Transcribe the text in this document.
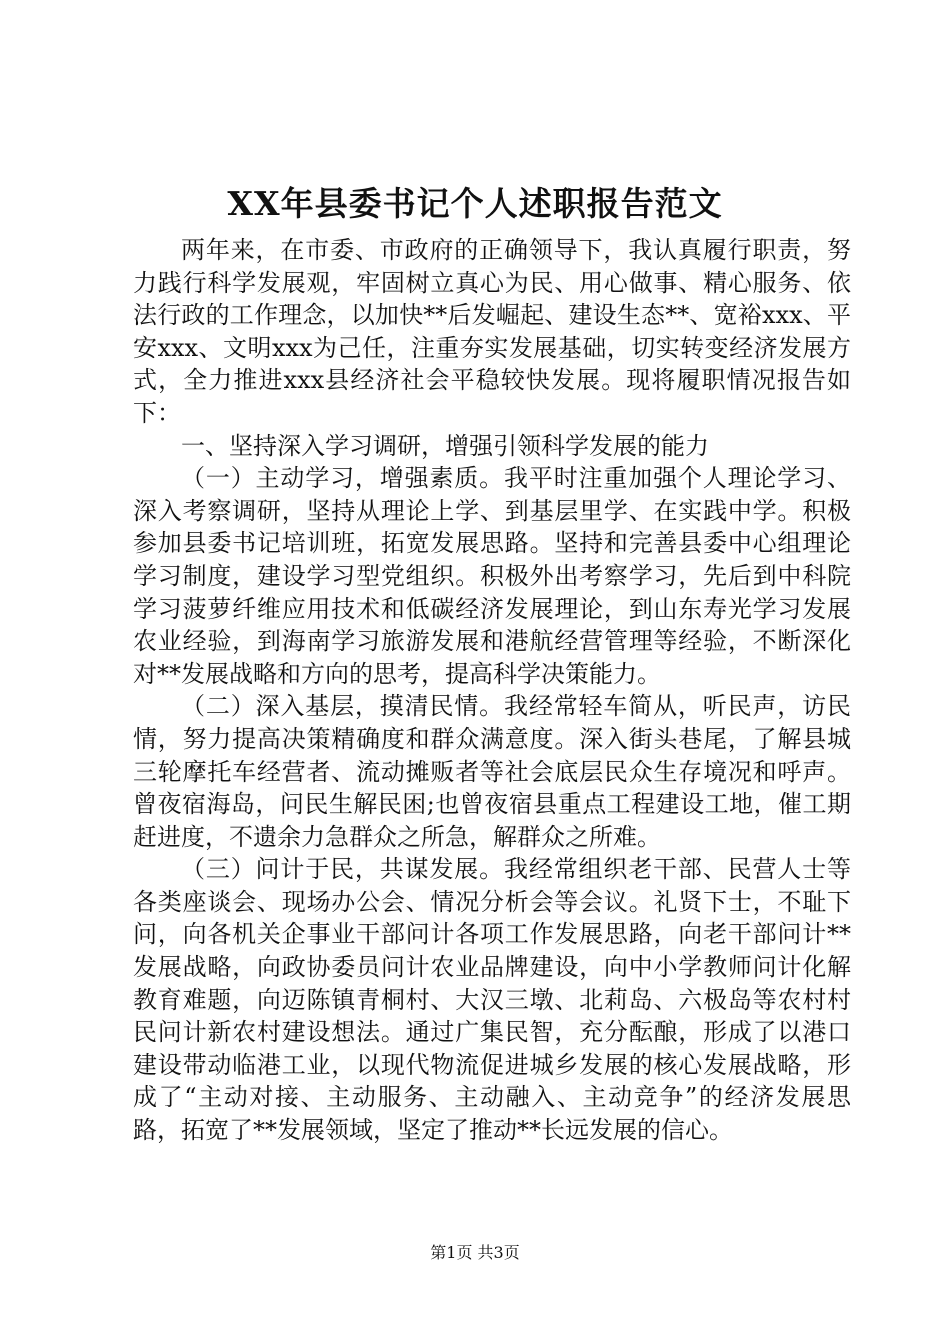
XX年县委书记个人述职报告范文

两年来，在市委、市政府的正确领导下，我认真履行职责，努力践行科学发展观，牢固树立真心为民、用心做事、精心服务、依法行政的工作理念，以加快**后发崛起、建设生态**、宽裕xxx、平安xxx、文明xxx为己任，注重夯实发展基础，切实转变经济发展方式，全力推进xxx县经济社会平稳较快发展。现将履职情况报告如下：

一、坚持深入学习调研，增强引领科学发展的能力

（一）主动学习，增强素质。我平时注重加强个人理论学习、深入考察调研，坚持从理论上学、到基层里学、在实践中学。积极参加县委书记培训班，拓宽发展思路。坚持和完善县委中心组理论学习制度，建设学习型党组织。积极外出考察学习，先后到中科院学习菠萝纤维应用技术和低碳经济发展理论，到山东寿光学习发展农业经验，到海南学习旅游发展和港航经营管理等经验，不断深化对**发展战略和方向的思考，提高科学决策能力。

（二）深入基层，摸清民情。我经常轻车简从，听民声，访民情，努力提高决策精确度和群众满意度。深入街头巷尾，了解县城三轮摩托车经营者、流动摊贩者等社会底层民众生存境况和呼声。曾夜宿海岛，问民生解民困;也曾夜宿县重点工程建设工地，催工期赶进度，不遗余力急群众之所急，解群众之所难。

（三）问计于民，共谋发展。我经常组织老干部、民营人士等各类座谈会、现场办公会、情况分析会等会议。礼贤下士，不耻下问，向各机关企事业干部问计各项工作发展思路，向老干部问计**发展战略，向政协委员问计农业品牌建设，向中小学教师问计化解教育难题，向迈陈镇青桐村、大汉三墩、北莉岛、六极岛等农村村民问计新农村建设想法。通过广集民智，充分酝酿，形成了以港口建设带动临港工业，以现代物流促进城乡发展的核心发展战略，形成了“主动对接、主动服务、主动融入、主动竞争”的经济发展思路，拓宽了**发展领域，坚定了推动**长远发展的信心。

第1页 共3页
